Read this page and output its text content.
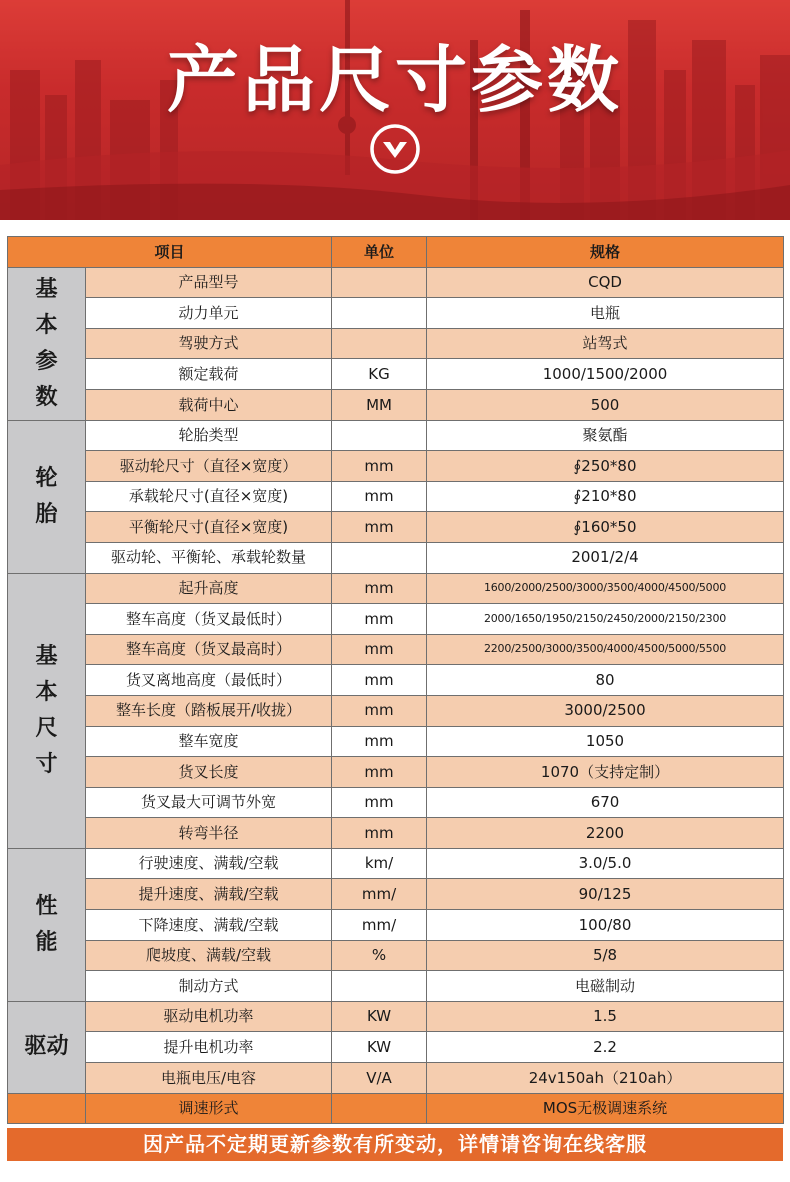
产品尺寸参数
项目		单位	规格

基
本
参
数	产品型号		CQD
	动力单元		电瓶
	驾驶方式		站驾式
	额定载荷	KG	1000/1500/2000
	载荷中心	MM	500

轮
胎	轮胎类型		聚氨酯
	驱动轮尺寸（直径×宽度）	mm	∮250*80
	承载轮尺寸(直径×宽度)	mm	∮210*80
	平衡轮尺寸(直径×宽度)	mm	∮160*50
	驱动轮、平衡轮、承载轮数量		2001/2/4

基
本
尺
寸	起升高度	mm	1600/2000/2500/3000/3500/4000/4500/5000
	整车高度（货叉最低时）	mm	2000/1650/1950/2150/2450/2000/2150/2300
	整车高度（货叉最高时）	mm	2200/2500/3000/3500/4000/4500/5000/5500
	货叉离地高度（最低时）	mm	80
	整车长度（踏板展开/收拢）	mm	3000/2500
	整车宽度	mm	1050
	货叉长度	mm	1070（支持定制）
	货叉最大可调节外宽	mm	670
	转弯半径	mm	2200

性
能	行驶速度、满载/空载	km/	3.0/5.0
	提升速度、满载/空载	mm/	90/125
	下降速度、满载/空载	mm/	100/80
	爬坡度、满载/空载	%	5/8
	制动方式		电磁制动

驱动	驱动电机功率	KW	1.5
	提升电机功率	KW	2.2
	电瓶电压/电容	V/A	24v150ah（210ah）
	调速形式		MOS无极调速系统
因产品不定期更新参数有所变动，详情请咨询在线客服
